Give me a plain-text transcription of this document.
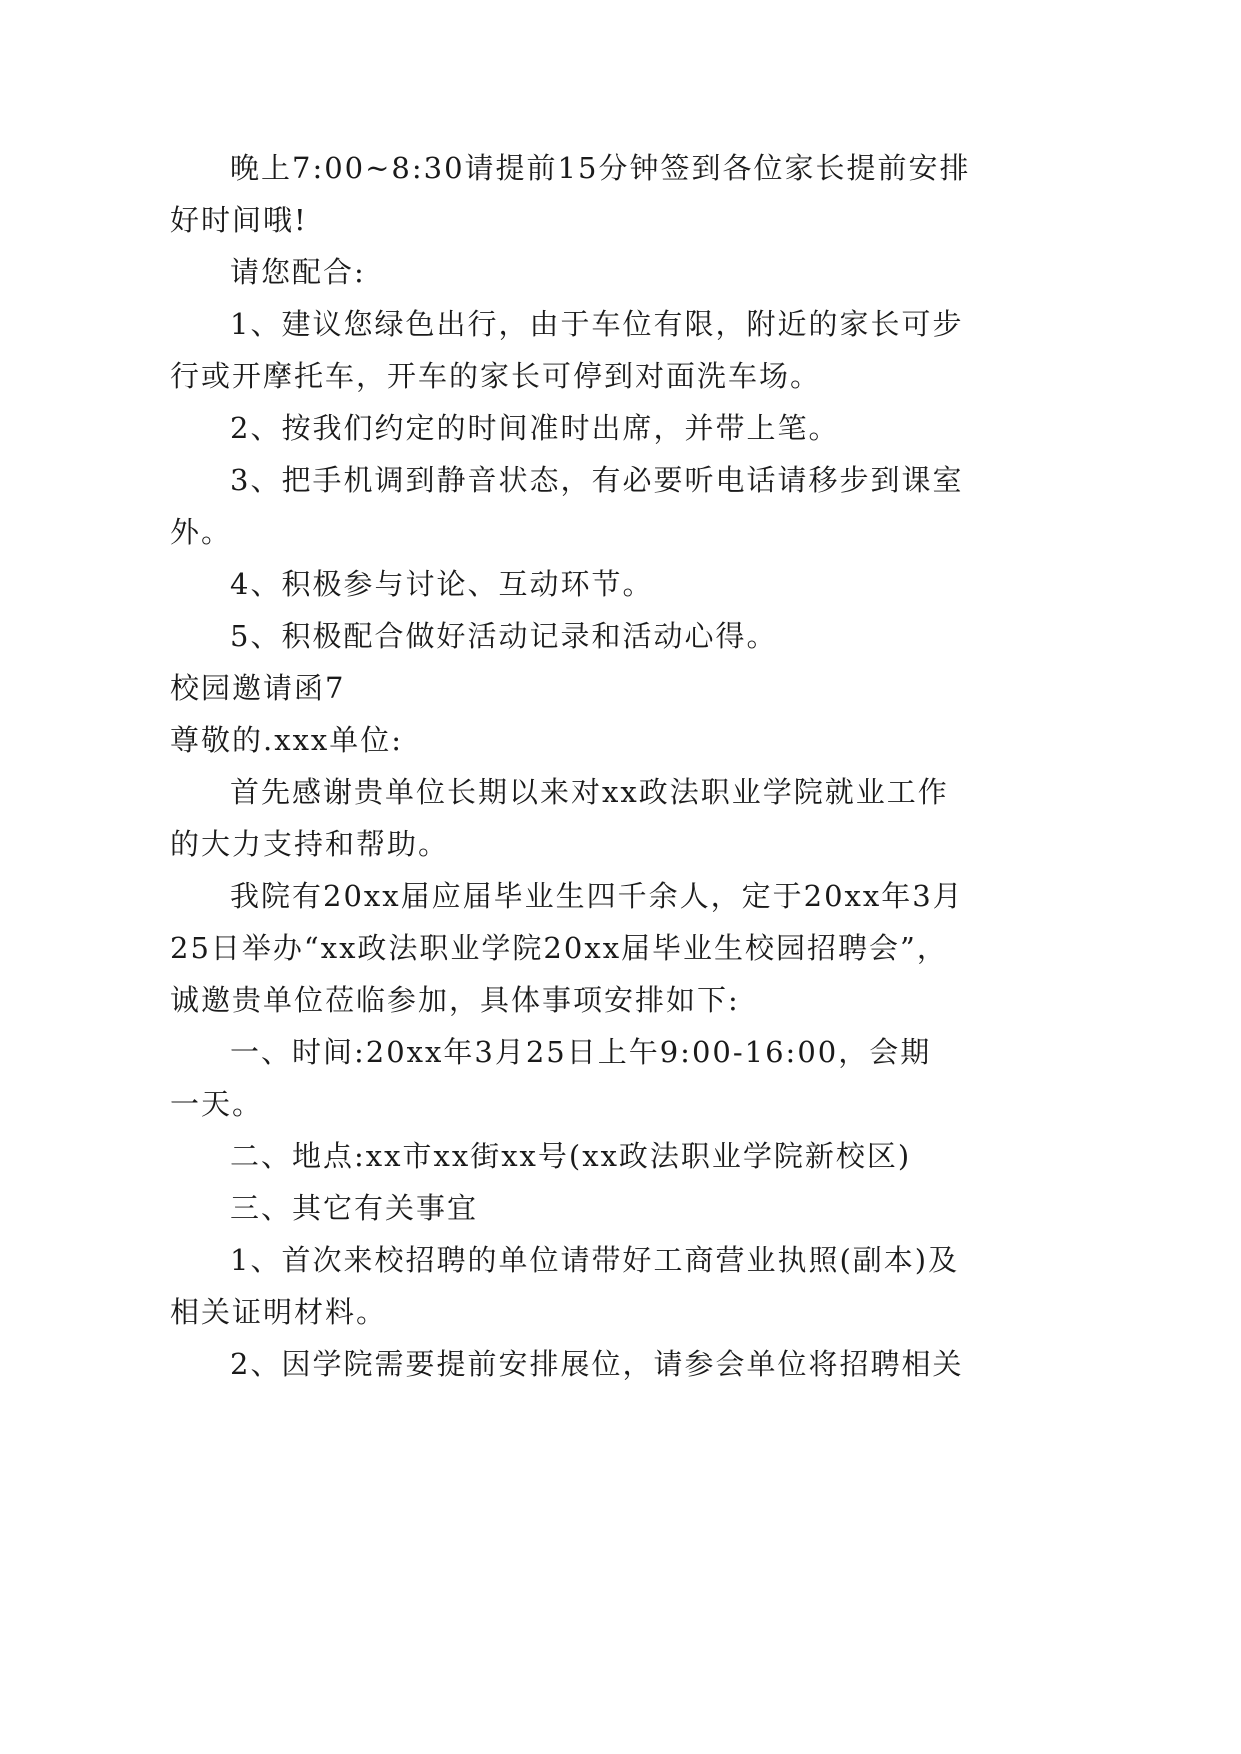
晚上7:00~8:30请提前15分钟签到各位家长提前安排
好时间哦!
请您配合:
1、建议您绿色出行，由于车位有限，附近的家长可步
行或开摩托车，开车的家长可停到对面洗车场。
2、按我们约定的时间准时出席，并带上笔。
3、把手机调到静音状态，有必要听电话请移步到课室
外。
4、积极参与讨论、互动环节。
5、积极配合做好活动记录和活动心得。
校园邀请函7
尊敬的.xxx单位:
首先感谢贵单位长期以来对xx政法职业学院就业工作
的大力支持和帮助。
我院有20xx届应届毕业生四千余人，定于20xx年3月
25日举办“xx政法职业学院20xx届毕业生校园招聘会”，
诚邀贵单位莅临参加，具体事项安排如下:
一、时间:20xx年3月25日上午9:00-16:00，会期
一天。
二、地点:xx市xx街xx号(xx政法职业学院新校区)
三、其它有关事宜
1、首次来校招聘的单位请带好工商营业执照(副本)及
相关证明材料。
2、因学院需要提前安排展位，请参会单位将招聘相关
